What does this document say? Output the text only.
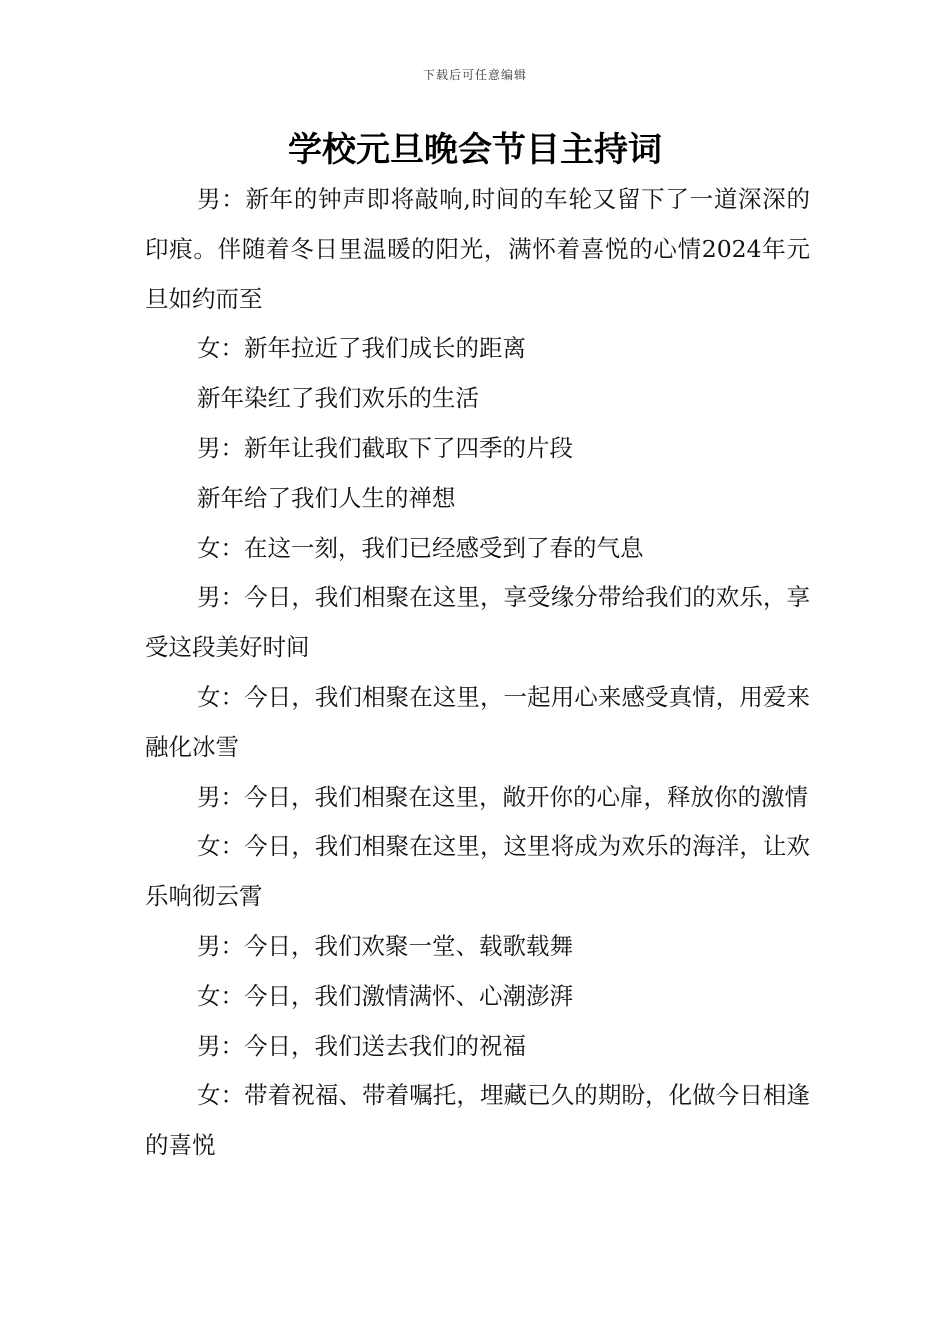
下载后可任意编辑
学校元旦晚会节目主持词

男：新年的钟声即将敲响,时间的车轮又留下了一道深深的印痕。伴随着冬日里温暖的阳光，满怀着喜悦的心情2024年元旦如约而至

女：新年拉近了我们成长的距离

新年染红了我们欢乐的生活

男：新年让我们截取下了四季的片段

新年给了我们人生的禅想

女：在这一刻，我们已经感受到了春的气息

男：今日，我们相聚在这里，享受缘分带给我们的欢乐，享受这段美好时间

女：今日，我们相聚在这里，一起用心来感受真情，用爱来融化冰雪

男：今日，我们相聚在这里，敞开你的心扉，释放你的激情

女：今日，我们相聚在这里，这里将成为欢乐的海洋，让欢乐响彻云霄

男：今日，我们欢聚一堂、载歌载舞

女：今日，我们激情满怀、心潮澎湃

男：今日，我们送去我们的祝福

女：带着祝福、带着嘱托，埋藏已久的期盼，化做今日相逢的喜悦
